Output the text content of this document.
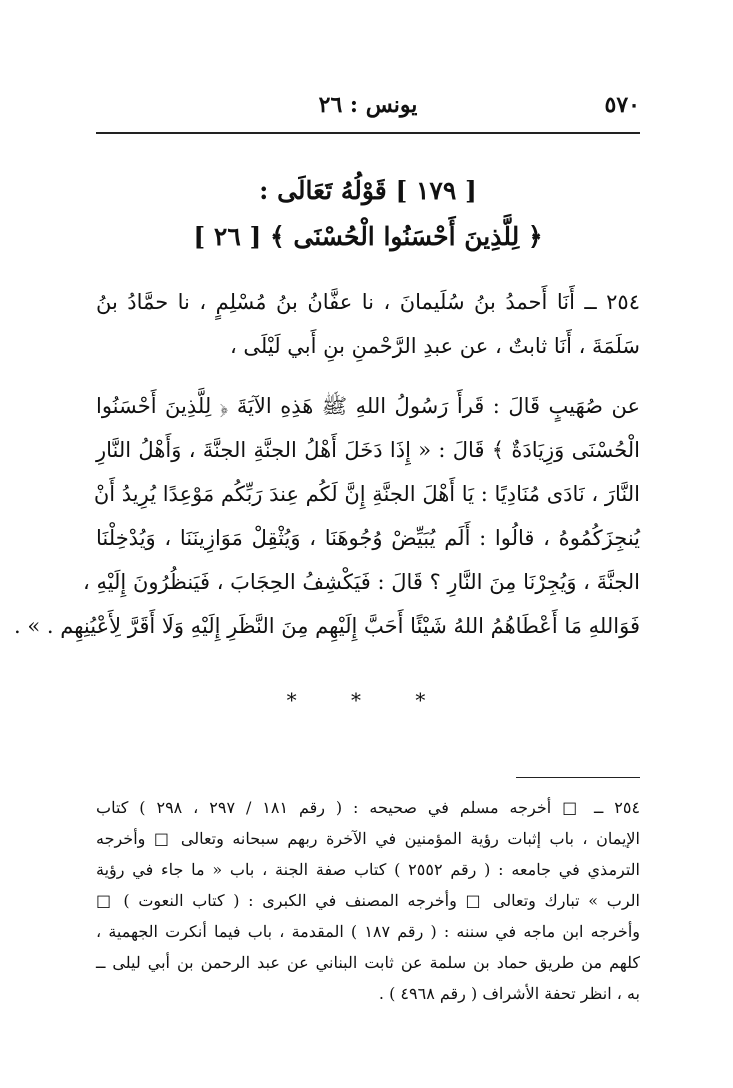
٥٧٠
يونس : ٢٦
[ ١٧٩ ] قَوْلُهُ تَعَالَى :
﴿ لِلَّذِينَ أَحْسَنُوا الْحُسْنَى ﴾ [ ٢٦ ]
٢٥٤ ــ أَنَا أَحمدُ بنُ سُلَيمانَ ، نا عفَّانُ بنُ مُسْلِمٍ ، نا حمَّادُ بنُ
سَلَمَةَ ، أَنَا ثابتٌ ، عن عبدِ الرَّحْمنِ بنِ أَبي لَيْلَى ،
عن صُهَيبٍ قَالَ : قَرأَ رَسُولُ اللهِ ﷺ هَذِهِ الآيَةَ ﴿ لِلَّذِينَ أَحْسَنُوا
الْحُسْنَى وَزِيَادَةٌ ﴾ قَالَ : « إِذَا دَخَلَ أَهْلُ الجنَّةِ الجنَّةَ ، وَأَهْلُ النَّارِ
النَّارَ ، نَادَى مُنَادِيًا : يَا أَهْلَ الجنَّةِ إِنَّ لَكُم عِندَ رَبِّكُم مَوْعِدًا يُرِيدُ أَنْ
يُنجِزَكُمُوهُ ، قالُوا : أَلَم يُبَيِّضْ وُجُوهَنَا ، وَيُثْقِلْ مَوَازِينَنَا ، وَيُدْخِلْنَا
الجنَّةَ ، وَيُجِرْنَا مِنَ النَّارِ ؟ قَالَ : فَيَكْشِفُ الحِجَابَ ، فَيَنظُرُونَ إِلَيْهِ ،
فَوَاللهِ مَا أَعْطَاهُمُ اللهُ شَيْئًا أَحَبَّ إِلَيْهِم مِنَ النَّظَرِ إِلَيْهِ وَلَا أَقَرَّ لِأَعْيُنِهِم . » .
* * *
٢٥٤ ــ □ أخرجه مسلم في صحيحه : ( رقم ١٨١ / ٢٩٧ ، ٢٩٨ ) كتاب
الإيمان ، باب إثبات رؤية المؤمنين في الآخرة ربهم سبحانه وتعالى □ وأخرجه
الترمذي في جامعه : ( رقم ٢٥٥٢ ) كتاب صفة الجنة ، باب « ما جاء في رؤية
الرب » تبارك وتعالى □ وأخرجه المصنف في الكبرى : ( كتاب النعوت ) □
وأخرجه ابن ماجه في سننه : ( رقم ١٨٧ ) المقدمة ، باب فيما أنكرت الجهمية ،
كلهم من طريق حماد بن سلمة عن ثابت البناني عن عبد الرحمن بن أبي ليلى ــ
به ، انظر تحفة الأشراف ( رقم ٤٩٦٨ ) .
